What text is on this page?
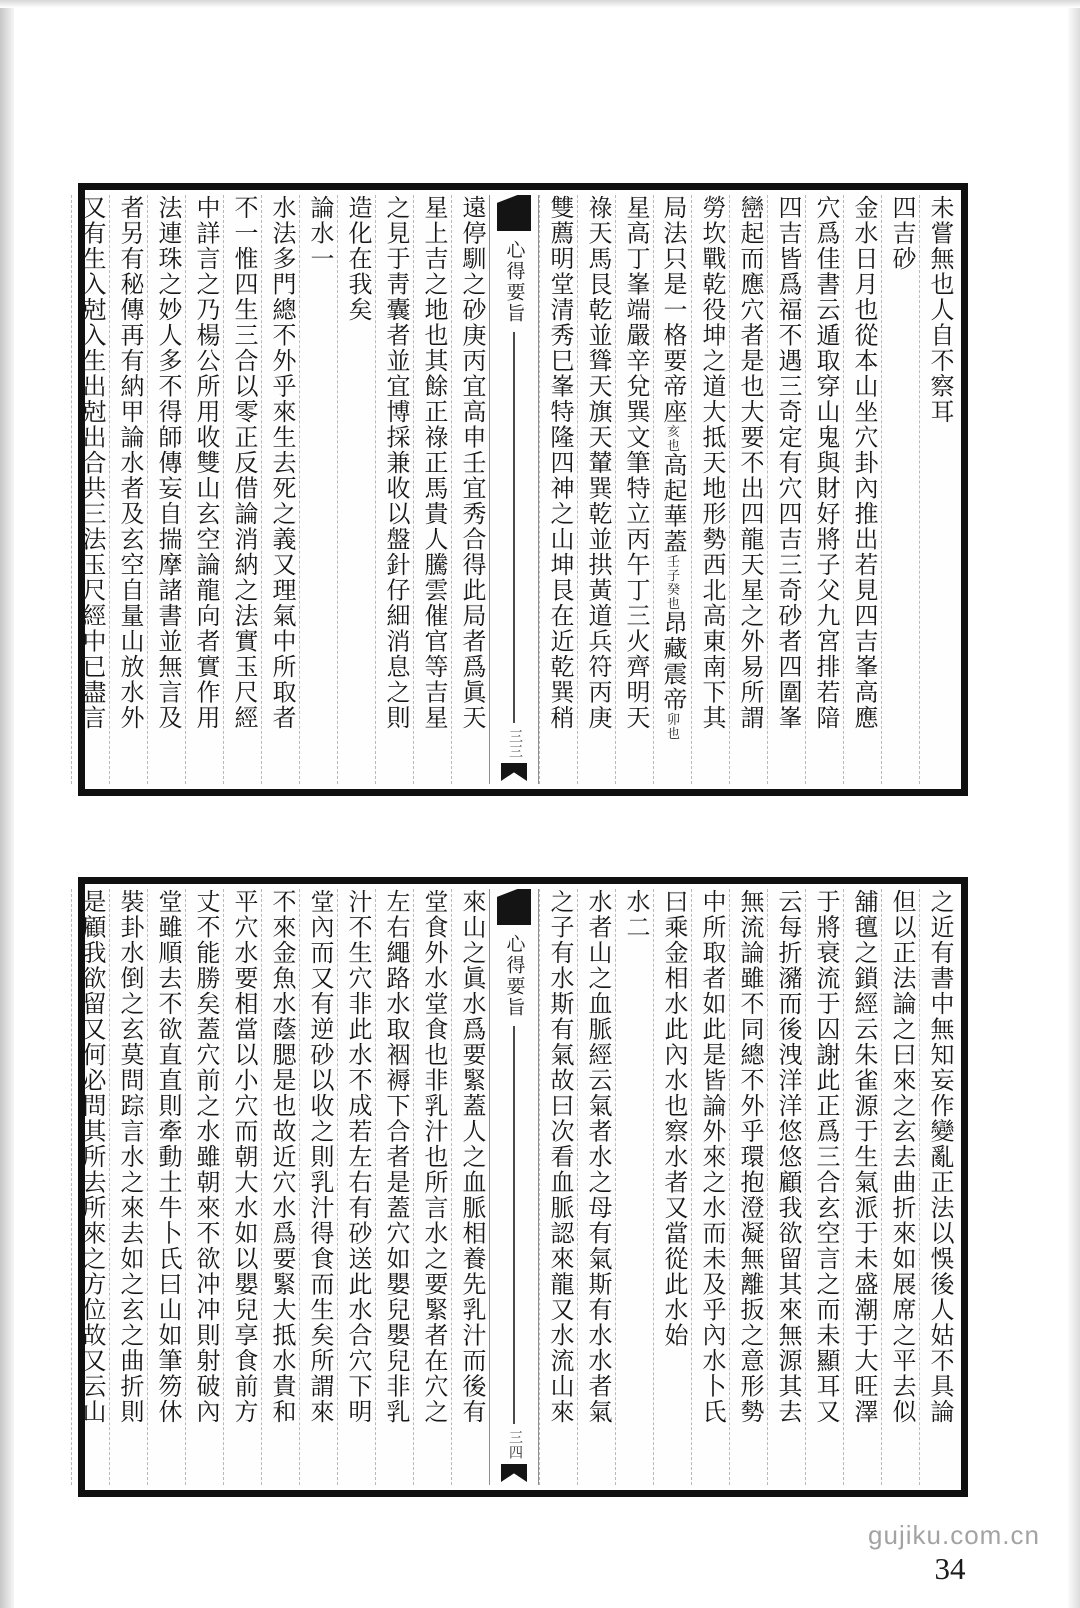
未嘗無也人自不察耳
四吉砂
金水日月也從本山坐穴卦內推出若見四吉峯高應
穴爲佳書云遁取穿山鬼與財好將子父九宮排若隌
四吉皆爲福不遇三奇定有穴四吉三奇砂者四圍峯
巒起而應穴者是也大要不出四龍天星之外易所謂
勞坎戰乾役坤之道大抵天地形勢西北高東南下其
局法只是一格要帝座亥也高起華蓋壬子癸也昂藏震帝卯也
星高丁峯端嚴辛兌巽文筆特立丙午丁三火齊明天
祿天馬艮乾並聳天旗天輦巽乾並拱黃道兵符丙庚
雙薦明堂清秀巳峯特隆四神之山坤艮在近乾巽稍
心得要旨
三三
遠停馴之砂庚丙宜高申壬宜秀合得此局者爲眞天
星上吉之地也其餘正祿正馬貴人騰雲催官等吉星
之見于靑囊者並宜博採兼收以盤針仔細消息之則
造化在我矣
論水一
水法多門總不外乎來生去死之義又理氣中所取者
不一惟四生三合以零正反借論消納之法實玉尺經
中詳言之乃楊公所用收雙山玄空論龍向者實作用
法連珠之妙人多不得師傳妄自揣摩諸書並無言及
者另有秘傳再有納甲論水者及玄空自量山放水外
又有生入尅入生出尅出合共三法玉尺經中已盡言
之近有書中無知妄作變亂正法以悞後人姑不具論
但以正法論之曰來之玄去曲折來如展席之平去似
舖氊之鎖經云朱雀源于生氣派于未盛潮于大旺澤
于將衰流于囚謝此正爲三合玄空言之而未顯耳又
云每折瀦而後洩洋洋悠悠顧我欲留其來無源其去
無流論雖不同總不外乎環抱澄凝無離扳之意形勢
中所取者如此是皆論外來之水而未及乎內水卜氏
曰乘金相水此內水也察水者又當從此水始
水二
水者山之血脈經云氣者水之母有氣斯有水水者氣
之子有水斯有氣故曰次看血脈認來龍又水流山來
心得要旨
三四
來山之眞水爲要緊蓋人之血脈相養先乳汁而後有
堂食外水堂食也非乳汁也所言水之要緊者在穴之
左右繩路水取裀褥下合者是蓋穴如嬰兒嬰兒非乳
汁不生穴非此水不成若左右有砂送此水合穴下明
堂內而又有逆砂以收之則乳汁得食而生矣所謂來
不來金魚水蔭腮是也故近穴水爲要緊大抵水貴和
平穴水要相當以小穴而朝大水如以嬰兒享食前方
丈不能勝矣蓋穴前之水雖朝來不欲冲冲則射破內
堂雖順去不欲直直則牽動土牛卜氏曰山如筆笏休
裝卦水倒之玄莫問踪言水之來去如之玄之曲折則
是顧我欲留又何必問其所去所來之方位故又云山
gujiku.com.cn
34
